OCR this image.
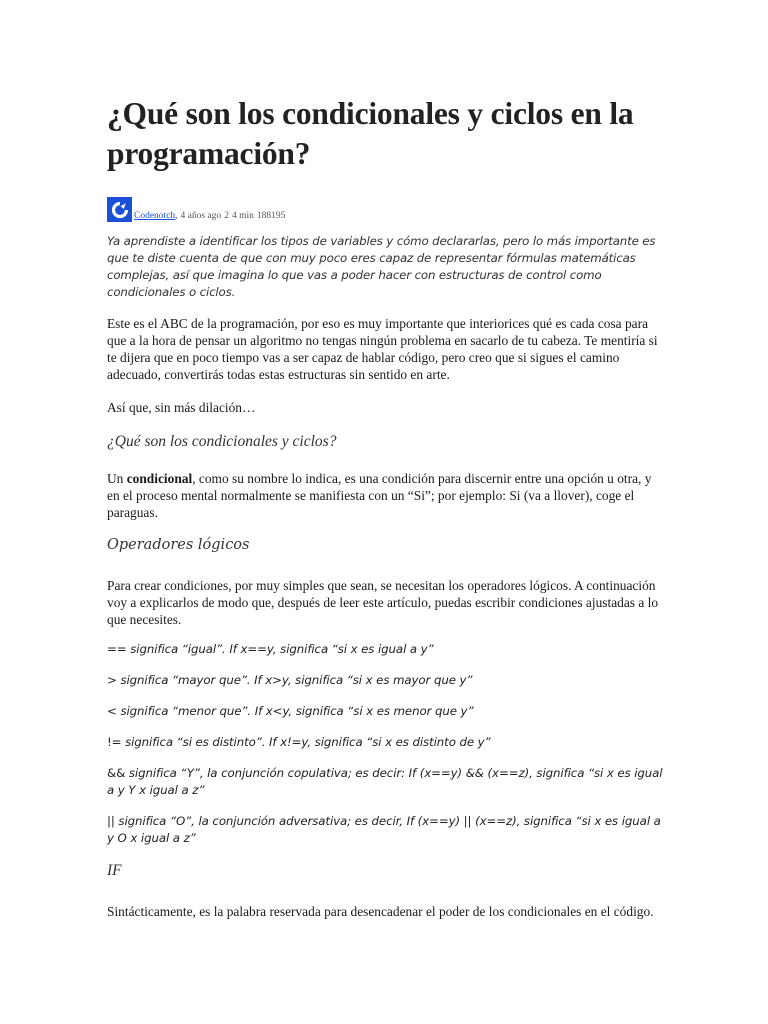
¿Qué son los condicionales y ciclos en la programación?
Codenotch , 4 años ago 2 4 min 188195

Ya aprendiste a identificar los tipos de variables y cómo declararlas, pero lo más importante es que te diste cuenta de que con muy poco eres capaz de representar fórmulas matemáticas complejas, así que imagina lo que vas a poder hacer con estructuras de control como condicionales o ciclos.

Este es el ABC de la programación, por eso es muy importante que interiorices qué es cada cosa para que a la hora de pensar un algoritmo no tengas ningún problema en sacarlo de tu cabeza. Te mentiría si te dijera que en poco tiempo vas a ser capaz de hablar código, pero creo que si sigues el camino adecuado, convertirás todas estas estructuras sin sentido en arte.

Así que, sin más dilación…

¿Qué son los condicionales y ciclos?

Un condicional, como su nombre lo indica, es una condición para discernir entre una opción u otra, y en el proceso mental normalmente se manifiesta con un “Si”; por ejemplo: Si (va a llover), coge el paraguas.

Operadores lógicos

Para crear condiciones, por muy simples que sean, se necesitan los operadores lógicos. A continuación voy a explicarlos de modo que, después de leer este artículo, puedas escribir condiciones ajustadas a lo que necesites.

== significa “igual”. If x==y, significa “si x es igual a y”

> significa “mayor que”. If x>y, significa “si x es mayor que y”

< significa “menor que”. If x<y, significa “si x es menor que y”

!= significa “si es distinto”. If x!=y, significa “si x es distinto de y”

&& significa “Y”, la conjunción copulativa; es decir: If (x==y) && (x==z), significa “si x es igual a y Y x igual a z”

|| significa “O”, la conjunción adversativa; es decir, If (x==y) || (x==z), significa “si x es igual a y O x igual a z”

IF

Sintácticamente, es la palabra reservada para desencadenar el poder de los condicionales en el código.
